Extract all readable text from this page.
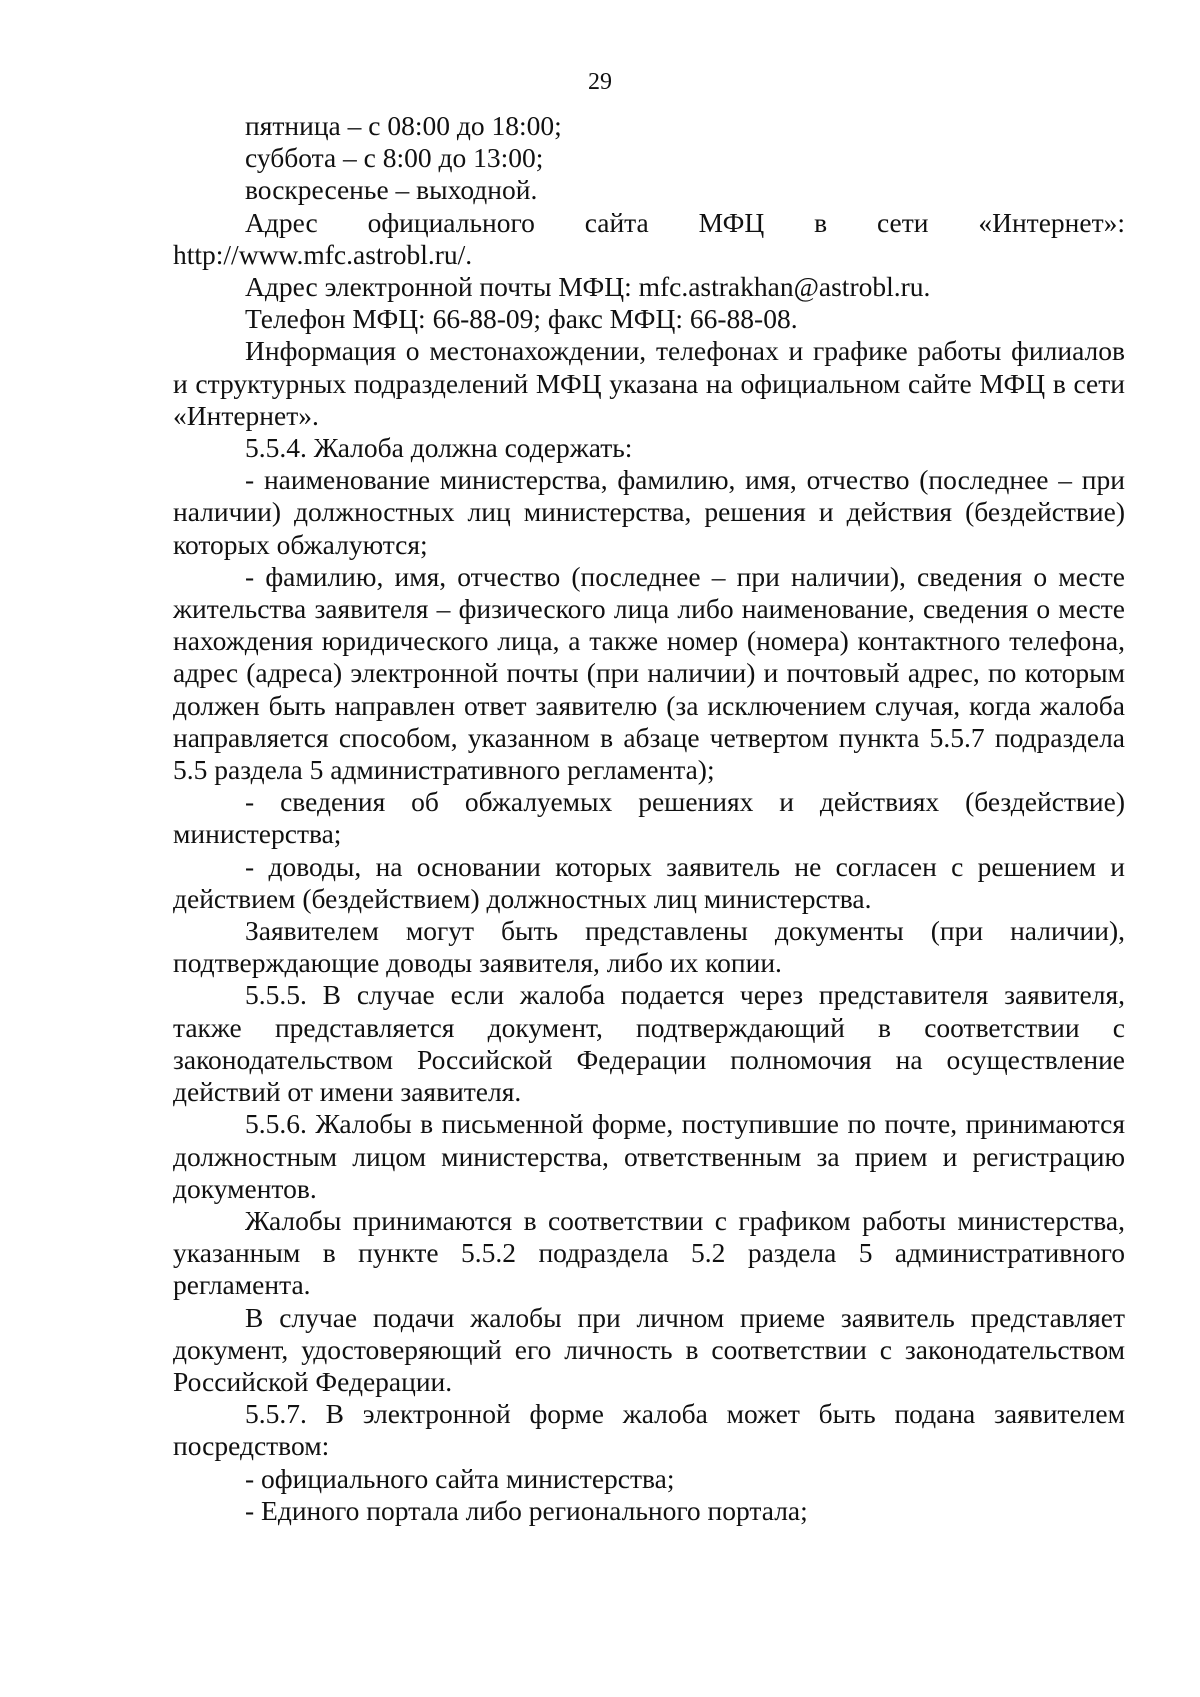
29

пятница – с 08:00 до 18:00;

суббота – с 8:00 до 13:00;

воскресенье – выходной.

Адрес официального сайта МФЦ в сети «Интернет»: http://www.mfc.astrobl.ru/.

Адрес электронной почты МФЦ: mfc.astrakhan@astrobl.ru.

Телефон МФЦ: 66-88-09; факс МФЦ: 66-88-08.

Информация о местонахождении, телефонах и графике работы филиалов и структурных подразделений МФЦ указана на официальном сайте МФЦ в сети «Интернет».

5.5.4. Жалоба должна содержать:

- наименование министерства, фамилию, имя, отчество (последнее – при наличии) должностных лиц министерства, решения и действия (бездействие) которых обжалуются;

- фамилию, имя, отчество (последнее – при наличии), сведения о месте жительства заявителя – физического лица либо наименование, сведения о месте нахождения юридического лица, а также номер (номера) контактного телефона, адрес (адреса) электронной почты (при наличии) и почтовый адрес, по которым должен быть направлен ответ заявителю (за исключением случая, когда жалоба направляется способом, указанном в абзаце четвертом пункта 5.5.7 подраздела 5.5 раздела 5 административного регламента);

- сведения об обжалуемых решениях и действиях (бездействие) министерства;

- доводы, на основании которых заявитель не согласен с решением и действием (бездействием) должностных лиц министерства.

Заявителем могут быть представлены документы (при наличии), подтверждающие доводы заявителя, либо их копии.

5.5.5. В случае если жалоба подается через представителя заявителя, также представляется документ, подтверждающий в соответствии с законодательством Российской Федерации полномочия на осуществление действий от имени заявителя.

5.5.6. Жалобы в письменной форме, поступившие по почте, принимаются должностным лицом министерства, ответственным за прием и регистрацию документов.

Жалобы принимаются в соответствии с графиком работы министерства, указанным в пункте 5.5.2 подраздела 5.2 раздела 5 административного регламента.

В случае подачи жалобы при личном приеме заявитель представляет документ, удостоверяющий его личность в соответствии с законодательством Российской Федерации.

5.5.7. В электронной форме жалоба может быть подана заявителем посредством:

- официального сайта министерства;

- Единого портала либо регионального портала;
